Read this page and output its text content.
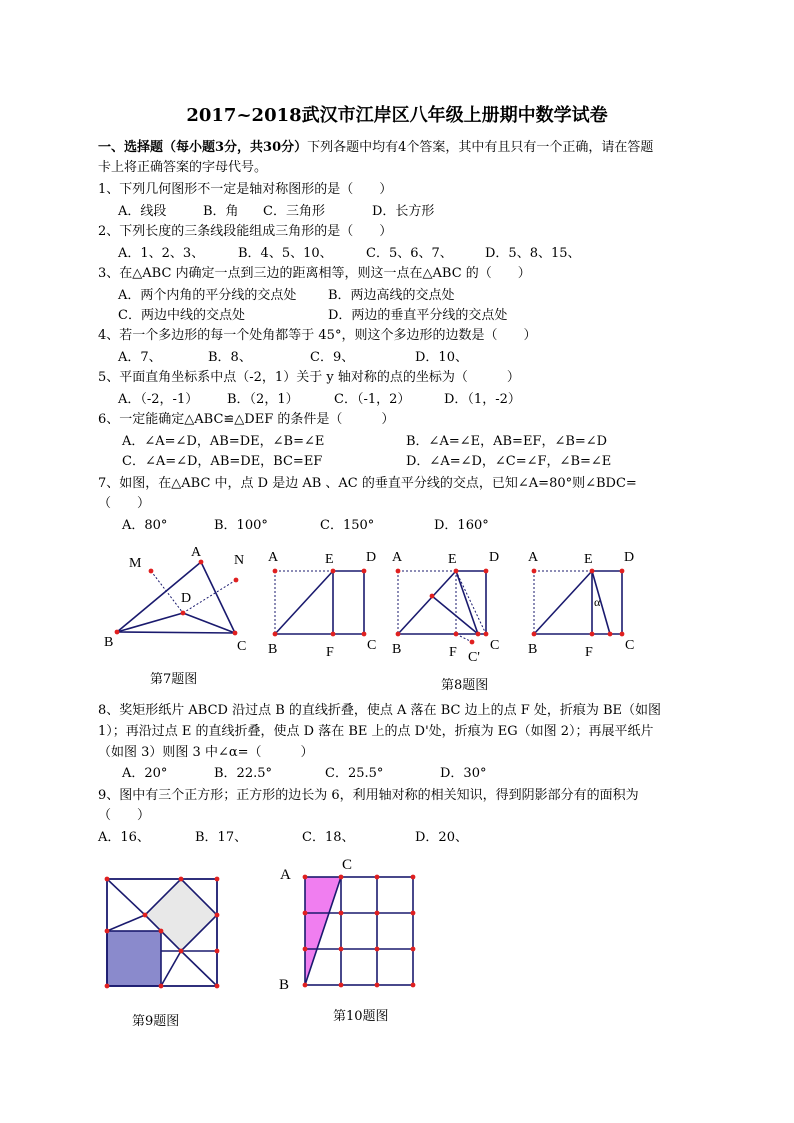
2017~2018武汉市江岸区八年级上册期中数学试卷
一、选择题（每小题3分，共30分）下列各题中均有4个答案，其中有且只有一个正确，请在答题
卡上将正确答案的字母代号。
1、下列几何图形不一定是轴对称图形的是（　　）
A．线段	B．角 C．三角形	D．长方形
2、下列长度的三条线段能组成三角形的是（　　）
A．1、2、3、	B．4、5、10、	C．5、6、7、 D．5、8、15、
3、在△ABC 内确定一点到三边的距离相等，则这一点在△ABC 的（　　）
A．两个内角的平分线的交点处 B．两边高线的交点处
C．两边中线的交点处	D．两边的垂直平分线的交点处
4、若一个多边形的每一个处角都等于 45°，则这个多边形的边数是（　　）
A．7、	B．8、	C．9、	D．10、
5、平面直角坐标系中点（-2，1）关于 y 轴对称的点的坐标为（　　　）
A．（-2，-1） B．（2，1）	C．（-1，2）	D．（1，-2）
6、一定能确定△ABC≌△DEF 的条件是（　　　）
A．∠A=∠D，AB=DE，∠B=∠E	B．∠A=∠E，AB=EF，∠B=∠D
C．∠A=∠D，AB=DE，BC=EF	D．∠A=∠D，∠C=∠F，∠B=∠E
7、如图，在△ABC 中，点 D 是边 AB 、AC 的垂直平分线的交点，已知∠A=80°则∠BDC=
（　　）
A．80°	B．100°	C．150°	D．160°
M
A
N
D
B	C
第7题图
A	E D
B	F C
A	E D
B	F C
C'
A	E D
B	F C
α
第8题图
8、奖矩形纸片 ABCD 沿过点 B 的直线折叠，使点 A 落在 BC 边上的点 F 处，折痕为 BE（如图
1）；再沿过点 E 的直线折叠，使点 D 落在 BE 上的点 D'处，折痕为 EG（如图 2）；再展平纸片
（如图 3）则图 3 中∠α=（　　　）
A．20°	B．22.5°	C．25.5°	D．30°
9、图中有三个正方形；正方形的边长为 6，利用轴对称的相关知识，得到阴影部分有的面积为
（　　）
A．16、	B．17、	C．18、	D．20、
第9题图
A
C
B
第10题图
